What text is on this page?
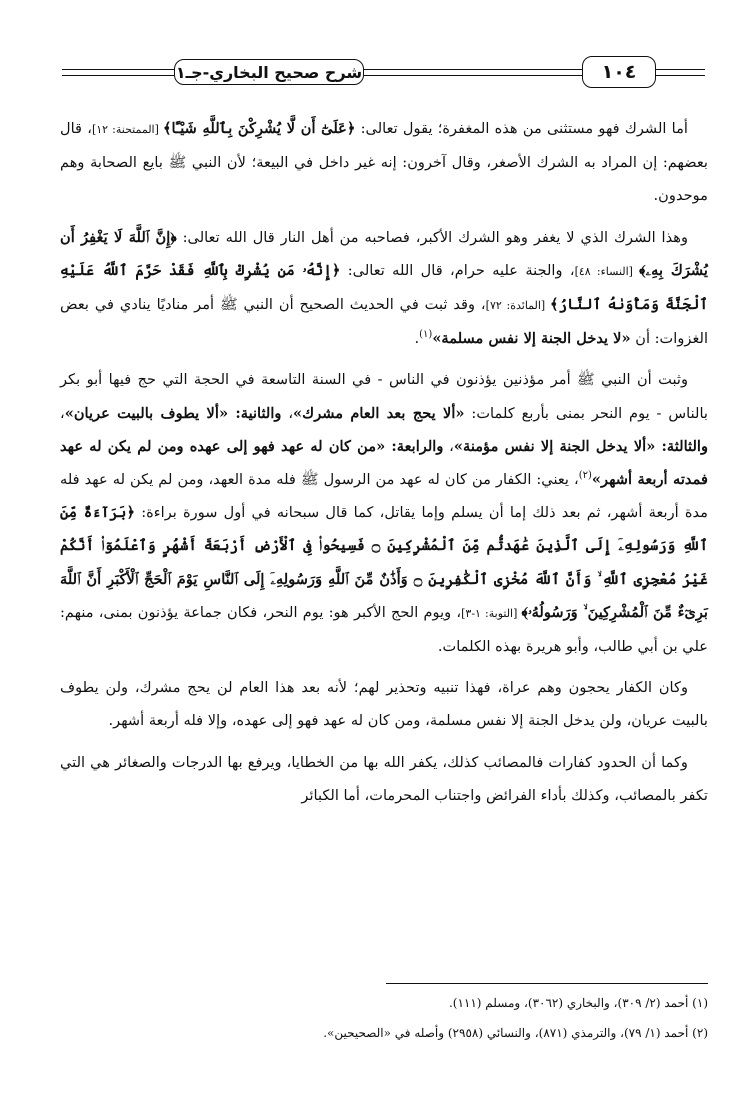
شرح صحيح البخاري-جـ١	١٠٤

أما الشرك فهو مستثنى من هذه المغفرة؛ يقول تعالى: ﴿عَلَىٰٓ أَن لَّا يُشْرِكْنَ بِٱللَّهِ شَيْـًٔا﴾ [الممتحنة: ١٢]، قال بعضهم: إن المراد به الشرك الأصغر، وقال آخرون: إنه غير داخل في البيعة؛ لأن النبي ﷺ بايع الصحابة وهم موحدون.

وهذا الشرك الذي لا يغفر وهو الشرك الأكبر، فصاحبه من أهل النار قال الله تعالى: ﴿إِنَّ ٱللَّهَ لَا يَغْفِرُ أَن يُشْرَكَ بِهِۦ﴾ [النساء: ٤٨]، والجنة عليه حرام، قال الله تعالى: ﴿إِنَّهُۥ مَن يُشْرِكْ بِٱللَّهِ فَقَدْ حَرَّمَ ٱللَّهُ عَلَيْهِ ٱلْجَنَّةَ وَمَأْوَىٰهُ ٱلنَّارُ﴾ [المائدة: ٧٢]، وقد ثبت في الحديث الصحيح أن النبي ﷺ أمر مناديًا ينادي في بعض الغزوات: أن «لا يدخل الجنة إلا نفس مسلمة»$^{(١)}$.

وثبت أن النبي ﷺ أمر مؤذنين يؤذنون في الناس - في السنة التاسعة في الحجة التي حج فيها أبو بكر بالناس - يوم النحر بمنى بأربع كلمات: «ألا يحج بعد العام مشرك»، والثانية: «ألا يطوف بالبيت عريان»، والثالثة: «ألا يدخل الجنة إلا نفس مؤمنة»، والرابعة: «من كان له عهد فهو إلى عهده ومن لم يكن له عهد فمدته أربعة أشهر»$^{(٢)}$، يعني: الكفار من كان له عهد من الرسول ﷺ فله مدة العهد، ومن لم يكن له عهد فله مدة أربعة أشهر، ثم بعد ذلك إما أن يسلم وإما يقاتل، كما قال سبحانه في أول سورة براءة: ﴿بَرَآءَةٌ مِّنَ ٱللَّهِ وَرَسُولِهِۦٓ إِلَى ٱلَّذِينَ عَٰهَدتُّم مِّنَ ٱلْمُشْرِكِينَ ۝ فَسِيحُوا۟ فِى ٱلْأَرْضِ أَرْبَعَةَ أَشْهُرٍ وَٱعْلَمُوٓا۟ أَنَّكُمْ غَيْرُ مُعْجِزِى ٱللَّهِ ۙ وَأَنَّ ٱللَّهَ مُخْزِى ٱلْكَٰفِرِينَ ۝ وَأَذَٰنٌ مِّنَ ٱللَّهِ وَرَسُولِهِۦٓ إِلَى ٱلنَّاسِ يَوْمَ ٱلْحَجِّ ٱلْأَكْبَرِ أَنَّ ٱللَّهَ بَرِىٓءٌ مِّنَ ٱلْمُشْرِكِينَ ۙ وَرَسُولُهُۥ﴾ [التوبة: ١-٣]، ويوم الحج الأكبر هو: يوم النحر، فكان جماعة يؤذنون بمنى، منهم: علي بن أبي طالب، وأبو هريرة بهذه الكلمات.

وكان الكفار يحجون وهم عراة، فهذا تنبيه وتحذير لهم؛ لأنه بعد هذا العام لن يحج مشرك، ولن يطوف بالبيت عريان، ولن يدخل الجنة إلا نفس مسلمة، ومن كان له عهد فهو إلى عهده، وإلا فله أربعة أشهر.

وكما أن الحدود كفارات فالمصائب كذلك، يكفر الله بها من الخطايا، ويرفع بها الدرجات والصغائر هي التي تكفر بالمصائب، وكذلك بأداء الفرائض واجتناب المحرمات، أما الكبائر

(١) أحمد (٢/ ٣٠٩)، والبخاري (٣٠٦٢)، ومسلم (١١١).
(٢) أحمد (١/ ٧٩)، والترمذي (٨٧١)، والنسائي (٢٩٥٨) وأصله في «الصحيحين».
